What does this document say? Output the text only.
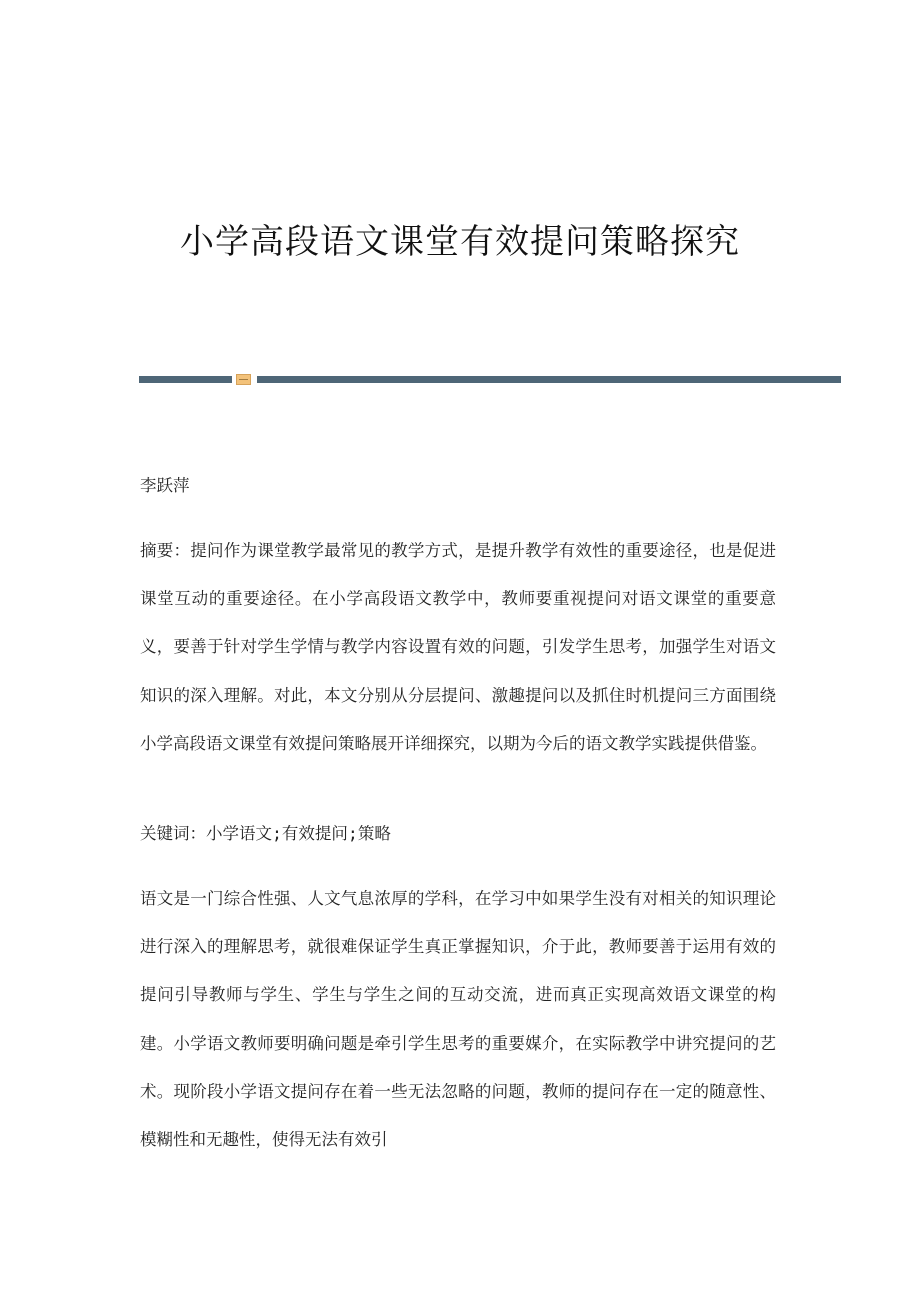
小学高段语文课堂有效提问策略探究
李跃萍
摘要：提问作为课堂教学最常见的教学方式，是提升教学有效性的重要途径，也是促进课堂互动的重要途径。在小学高段语文教学中，教师要重视提问对语文课堂的重要意义，要善于针对学生学情与教学内容设置有效的问题，引发学生思考，加强学生对语文知识的深入理解。对此，本文分别从分层提问、激趣提问以及抓住时机提问三方面围绕小学高段语文课堂有效提问策略展开详细探究，以期为今后的语文教学实践提供借鉴。
关键词：小学语文;有效提问;策略
语文是一门综合性强、人文气息浓厚的学科，在学习中如果学生没有对相关的知识理论进行深入的理解思考，就很难保证学生真正掌握知识，介于此，教师要善于运用有效的提问引导教师与学生、学生与学生之间的互动交流，进而真正实现高效语文课堂的构建。小学语文教师要明确问题是牵引学生思考的重要媒介，在实际教学中讲究提问的艺术。现阶段小学语文提问存在着一些无法忽略的问题，教师的提问存在一定的随意性、模糊性和无趣性，使得无法有效引
